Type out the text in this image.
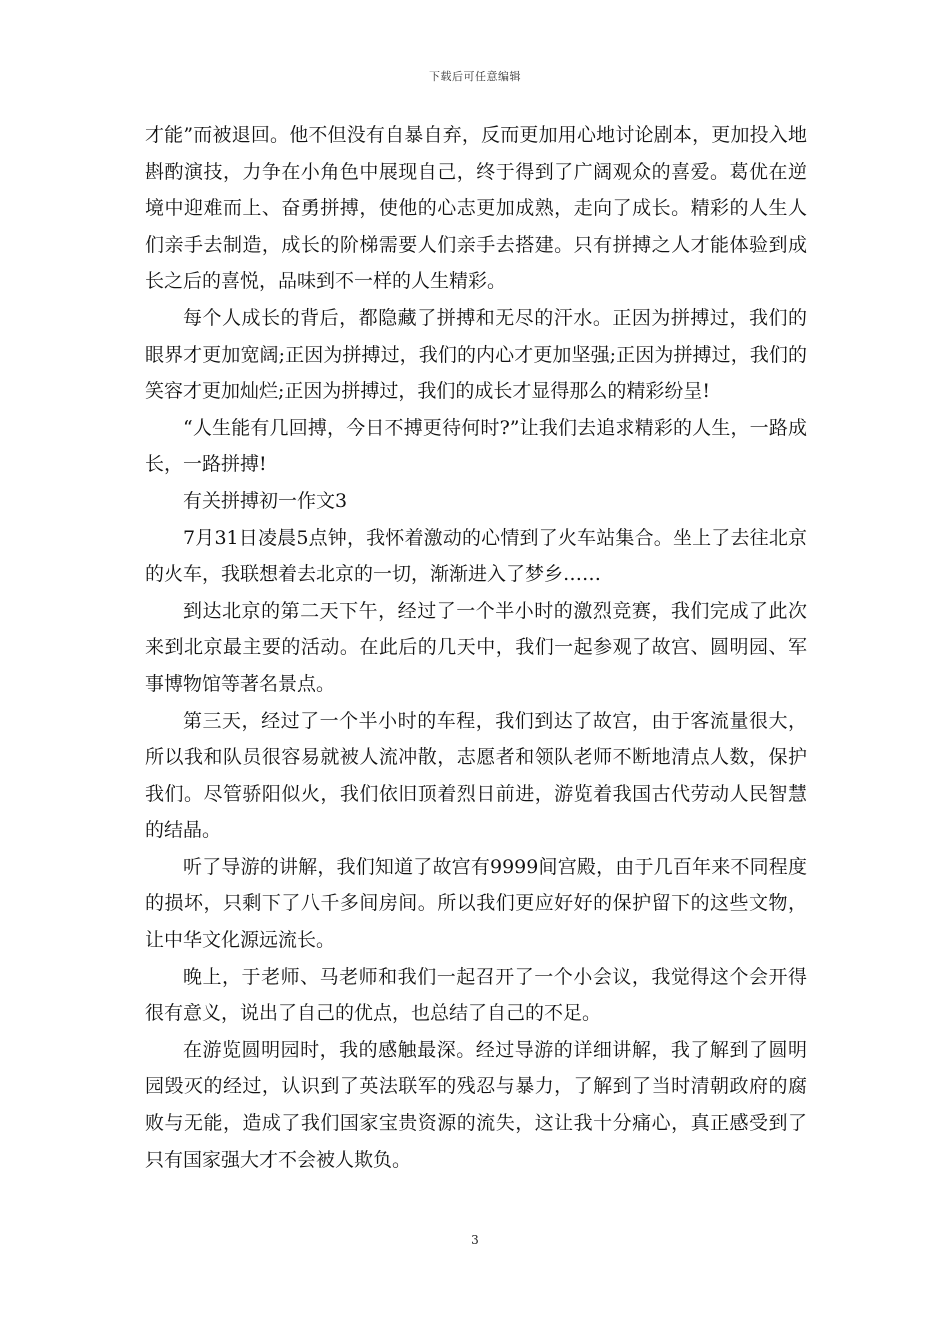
下载后可任意编辑

才能”而被退回。他不但没有自暴自弃，反而更加用心地讨论剧本，更加投入地斟酌演技，力争在小角色中展现自己，终于得到了广阔观众的喜爱。葛优在逆境中迎难而上、奋勇拼搏，使他的心志更加成熟，走向了成长。精彩的人生人们亲手去制造，成长的阶梯需要人们亲手去搭建。只有拼搏之人才能体验到成长之后的喜悦，品味到不一样的人生精彩。

每个人成长的背后，都隐藏了拼搏和无尽的汗水。正因为拼搏过，我们的眼界才更加宽阔;正因为拼搏过，我们的内心才更加坚强;正因为拼搏过，我们的笑容才更加灿烂;正因为拼搏过，我们的成长才显得那么的精彩纷呈!

“人生能有几回搏，今日不搏更待何时?”让我们去追求精彩的人生，一路成长，一路拼搏!

有关拼搏初一作文3

7月31日凌晨5点钟，我怀着激动的心情到了火车站集合。坐上了去往北京的火车，我联想着去北京的一切，渐渐进入了梦乡……

到达北京的第二天下午，经过了一个半小时的激烈竞赛，我们完成了此次来到北京最主要的活动。在此后的几天中，我们一起参观了故宫、圆明园、军事博物馆等著名景点。

第三天，经过了一个半小时的车程，我们到达了故宫，由于客流量很大，所以我和队员很容易就被人流冲散，志愿者和领队老师不断地清点人数，保护我们。尽管骄阳似火，我们依旧顶着烈日前进，游览着我国古代劳动人民智慧的结晶。

听了导游的讲解，我们知道了故宫有9999间宫殿，由于几百年来不同程度的损坏，只剩下了八千多间房间。所以我们更应好好的保护留下的这些文物，让中华文化源远流长。

晚上，于老师、马老师和我们一起召开了一个小会议，我觉得这个会开得很有意义，说出了自己的优点，也总结了自己的不足。

在游览圆明园时，我的感触最深。经过导游的详细讲解，我了解到了圆明园毁灭的经过，认识到了英法联军的残忍与暴力，了解到了当时清朝政府的腐败与无能，造成了我们国家宝贵资源的流失，这让我十分痛心，真正感受到了只有国家强大才不会被人欺负。

3
